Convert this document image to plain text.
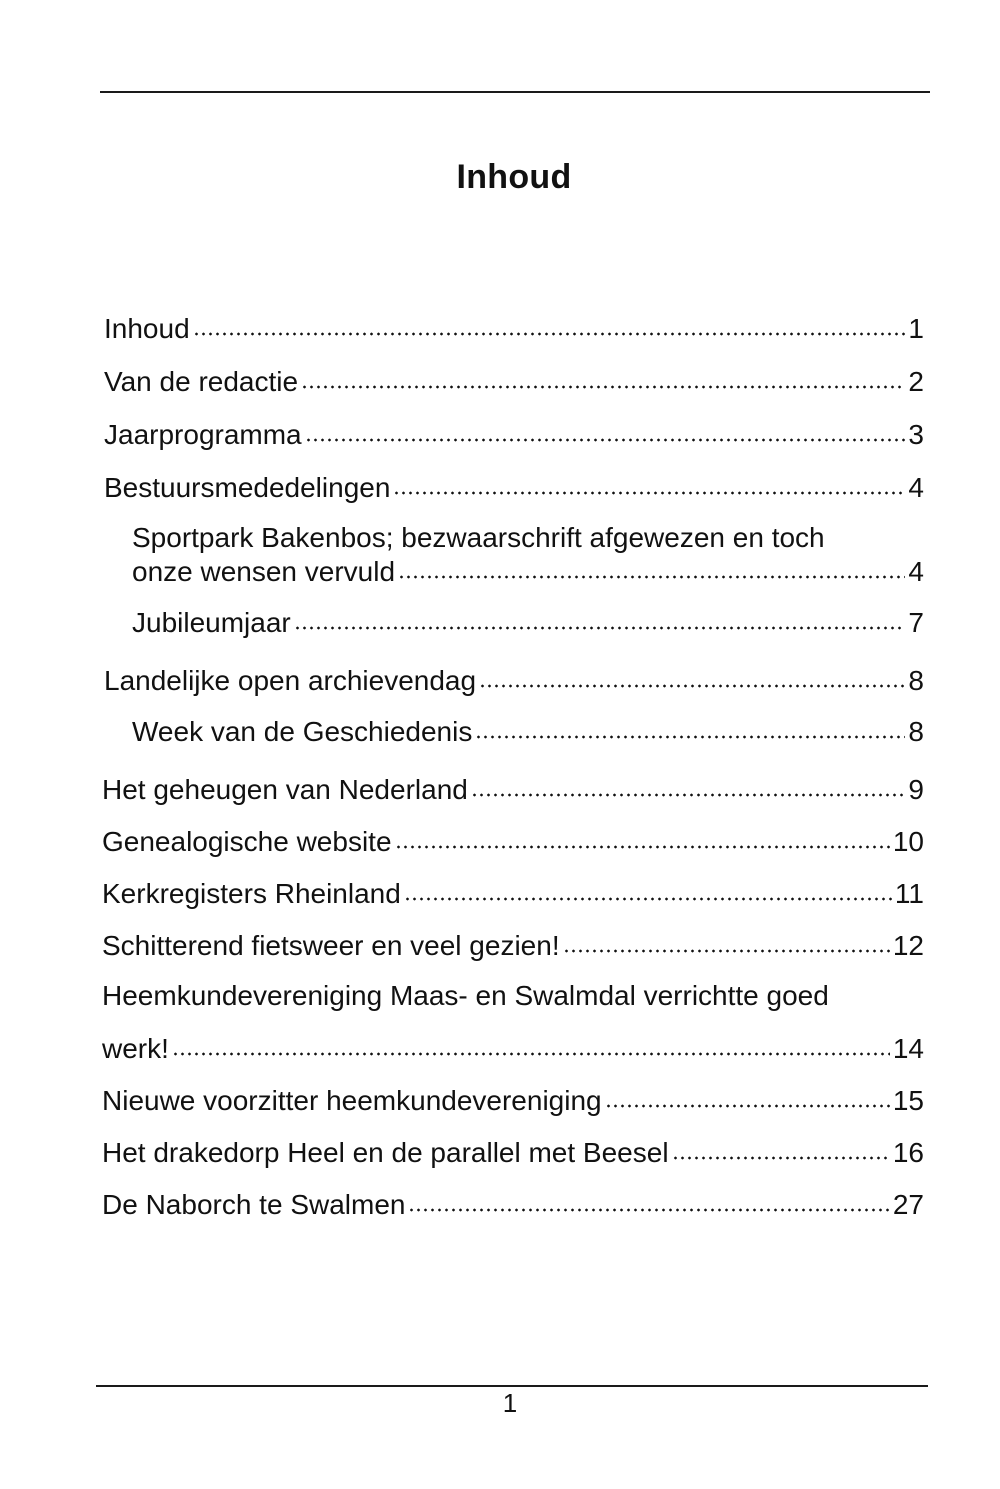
Inhoud
Inhoud	1
Van de redactie	2
Jaarprogramma	3
Bestuursmededelingen	4
Sportpark Bakenbos; bezwaarschrift afgewezen en toch
onze wensen vervuld	4
Jubileumjaar	7
Landelijke open archievendag	8
Week van de Geschiedenis	8
Het geheugen van Nederland	9
Genealogische website	10
Kerkregisters Rheinland	11
Schitterend fietsweer en veel gezien!	12
Heemkundevereniging Maas- en Swalmdal verrichtte goed
werk!	14
Nieuwe voorzitter heemkundevereniging	15
Het drakedorp Heel en de parallel met Beesel	16
De Naborch te Swalmen	27
1
